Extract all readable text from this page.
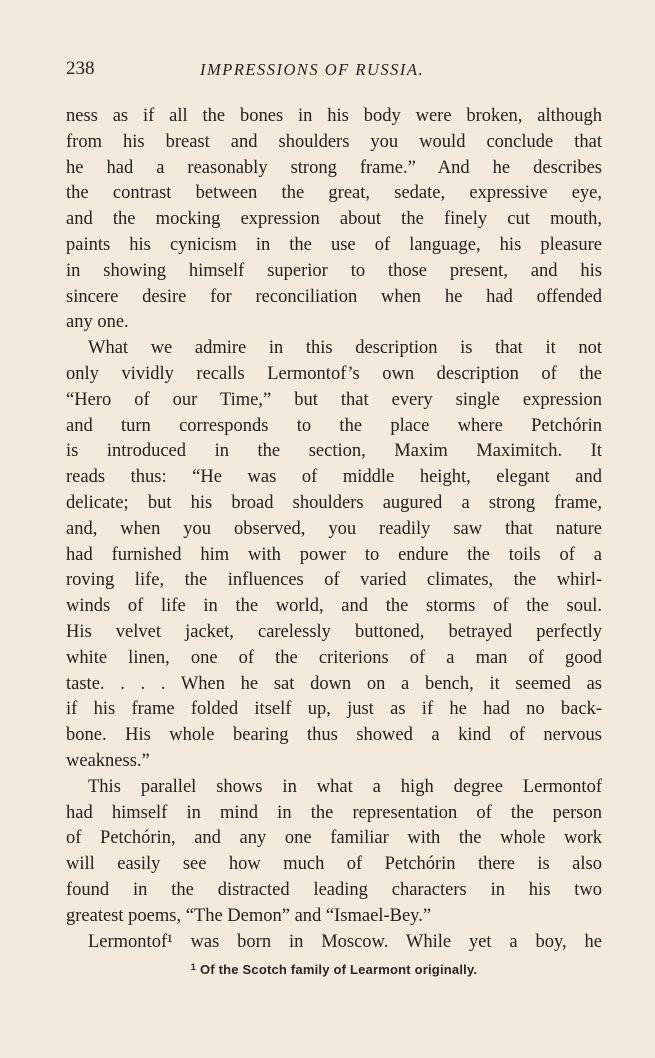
238	IMPRESSIONS OF RUSSIA.
ness as if all the bones in his body were broken, although
from his breast and shoulders you would conclude that
he had a reasonably strong frame.” And he describes
the contrast between the great, sedate, expressive eye,
and the mocking expression about the finely cut mouth,
paints his cynicism in the use of language, his pleasure
in showing himself superior to those present, and his
sincere desire for reconciliation when he had offended
any one.
What we admire in this description is that it not
only vividly recalls Lermontof’s own description of the
“Hero of our Time,” but that every single expression
and turn corresponds to the place where Petchórin
is introduced in the section, Maxim Maximitch. It
reads thus: “He was of middle height, elegant and
delicate; but his broad shoulders augured a strong frame,
and, when you observed, you readily saw that nature
had furnished him with power to endure the toils of a
roving life, the influences of varied climates, the whirl-
winds of life in the world, and the storms of the soul.
His velvet jacket, carelessly buttoned, betrayed perfectly
white linen, one of the criterions of a man of good
taste. . . . When he sat down on a bench, it seemed as
if his frame folded itself up, just as if he had no back-
bone. His whole bearing thus showed a kind of nervous
weakness.”
This parallel shows in what a high degree Lermontof
had himself in mind in the representation of the person
of Petchórin, and any one familiar with the whole work
will easily see how much of Petchórin there is also
found in the distracted leading characters in his two
greatest poems, “The Demon” and “Ismael-Bey.”
Lermontof¹ was born in Moscow. While yet a boy, he
$^1$ Of the Scotch family of Learmont originally.
